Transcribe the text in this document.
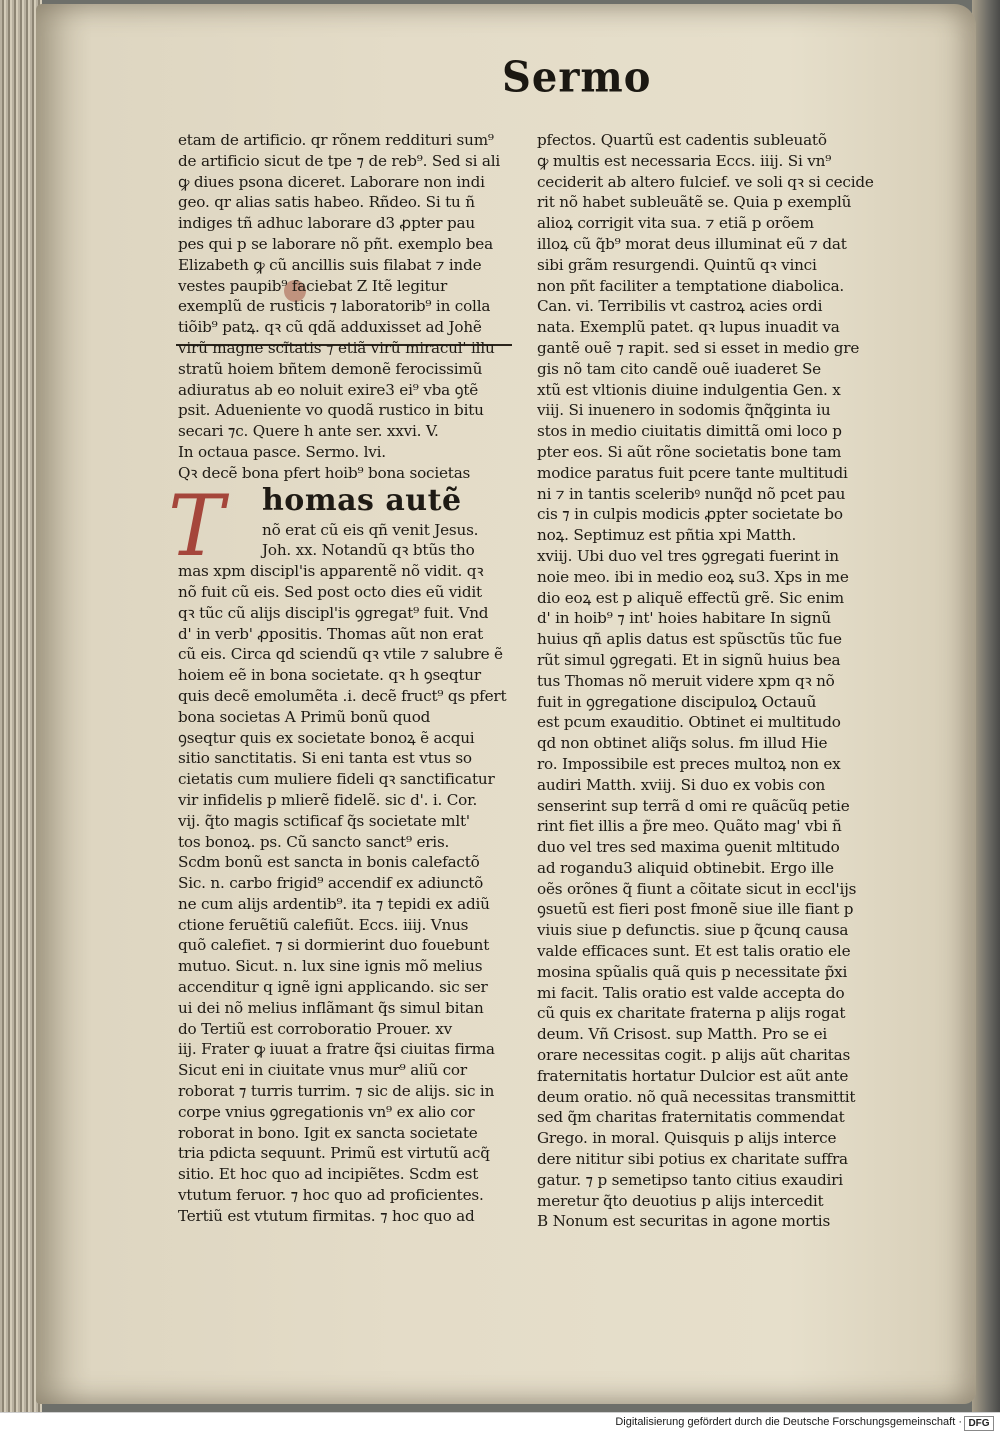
Sermo
etam de artificio. qr rõnem reddituri sum⁹
de artificio sicut de tpe ⁊ de reb⁹. Sed si ali
ꝙ diues psona diceret. Laborare non indi
geo. qr alias satis habeo. Rñdeo. Si tu ñ
indiges tñ adhuc laborare d3 ꝓpter pau
pes qui p se laborare nõ pñt. exemplo bea
Elizabeth ꝙ cũ ancillis suis filabat ⁊ inde
vestes paupib⁹ faciebat Z Itẽ legitur
exemplũ de rusticis ⁊ laboratorib⁹ in colla
tiõib⁹ patꝝ. qꝛ cũ qdã adduxisset ad Johẽ
virũ magne scĩtatis ⁊ etiã virũ miracul' illu
stratũ hoiem bñtem demonẽ ferocissimũ
adiuratus ab eo noluit exire3 ei⁹ vba ꝯtẽ
psit. Adueniente vo quodã rustico in bitu
secari ⁊c. Quere h ante ser. xxvi. V.
In octaua pasce. Sermo. lvi.
Qꝛ decẽ bona pfert hoib⁹ bona societas
T	homas autẽ
nõ erat cũ eis qñ venit Jesus.
Joh. xx. Notandũ qꝛ btũs tho
mas xpm discipl'is apparentẽ nõ vidit. qꝛ
nõ fuit cũ eis. Sed post octo dies eũ vidit
qꝛ tũc cũ alijs discipl'is ꝯgregat⁹ fuit. Vnd
d' in verb' ꝓpositis. Thomas aũt non erat
cũ eis. Circa qd sciendũ qꝛ vtile ⁊ salubre ẽ
hoiem eẽ in bona societate. qꝛ h ꝯseqtur
quis decẽ emolumẽta .i. decẽ fruct⁹ qs pfert
bona societas A Primũ bonũ quod
ꝯseqtur quis ex societate bonoꝝ ẽ acqui
sitio sanctitatis. Si eni tanta est vtus so
cietatis cum muliere fideli qꝛ sanctificatur
vir infidelis p mlierẽ fidelẽ. sic d'. i. Cor.
vij. q̃to magis sctificaf q̃s societate mlt'
tos bonoꝝ. ps. Cũ sancto sanct⁹ eris.
Scdm bonũ est sancta in bonis calefactõ
Sic. n. carbo frigid⁹ accendif ex adiunctõ
ne cum alijs ardentib⁹. ita ⁊ tepidi ex adiũ
ctione feruẽtiũ calefiũt. Eccs. iiij. Vnus
quõ calefiet. ⁊ si dormierint duo fouebunt
mutuo. Sicut. n. lux sine ignis mõ melius
accenditur q ignẽ igni applicando. sic ser
ui dei nõ melius inflãmant q̃s simul bitan
do Tertiũ est corroboratio Prouer. xv
iij. Frater ꝙ iuuat a fratre q̃si ciuitas firma
Sicut eni in ciuitate vnus mur⁹ aliũ cor
roborat ⁊ turris turrim. ⁊ sic de alijs. sic in
corpe vnius ꝯgregationis vn⁹ ex alio cor
roborat in bono. Igit ex sancta societate
tria pdicta sequunt. Primũ est virtutũ acq̃
sitio. Et hoc quo ad incipiẽtes. Scdm est
vtutum feruor. ⁊ hoc quo ad proficientes.
Tertiũ est vtutum firmitas. ⁊ hoc quo ad
pfectos. Quartũ est cadentis subleuatõ
ꝙ multis est necessaria Eccs. iiij. Si vn⁹
ceciderit ab altero fulcief. ve soli qꝛ si cecide
rit nõ habet subleuãtẽ se. Quia p exemplũ
alioꝝ corrigit vita sua. ⁊ etiã p orõem
illoꝝ cũ q̃b⁹ morat deus illuminat eũ ⁊ dat
sibi grãm resurgendi. Quintũ qꝛ vinci
non pñt faciliter a temptatione diabolica.
Can. vi. Terribilis vt castroꝝ acies ordi
nata. Exemplũ patet. qꝛ lupus inuadit va
gantẽ ouẽ ⁊ rapit. sed si esset in medio gre
gis nõ tam cito candẽ ouẽ iuaderet Se
xtũ est vltionis diuine indulgentia Gen. x
viij. Si inuenero in sodomis q̃nq̃ginta iu
stos in medio ciuitatis dimittã omi loco p
pter eos. Si aũt rõne societatis bone tam
modice paratus fuit pcere tante multitudi
ni ⁊ in tantis sceleribꝰ nunq̃d nõ pcet pau
cis ⁊ in culpis modicis ꝓpter societate bo
noꝝ. Septimuz est pñtia xpi Matth.
xviij. Ubi duo vel tres ꝯgregati fuerint in
noie meo. ibi in medio eoꝝ su3. Xps in me
dio eoꝝ est p aliquẽ effectũ grẽ. Sic enim
d' in hoib⁹ ⁊ int' hoies habitare In signũ
huius qñ aplis datus est spũsctũs tũc fue
rũt simul ꝯgregati. Et in signũ huius bea
tus Thomas nõ meruit videre xpm qꝛ nõ
fuit in ꝯgregatione discipuloꝝ Octauũ
est pcum exauditio. Obtinet ei multitudo
qd non obtinet aliq̃s solus. fm illud Hie
ro. Impossibile est preces multoꝝ non ex
audiri Matth. xviij. Si duo ex vobis con
senserint sup terrã d omi re quãcũq petie
rint fiet illis a p̃re meo. Quãto mag' vbi ñ
duo vel tres sed maxima ꝯuenit mltitudo
ad rogandu3 aliquid obtinebit. Ergo ille
oẽs orõnes q̃ fiunt a cõitate sicut in eccl'ijs
ꝯsuetũ est fieri post fmonẽ siue ille fiant p
viuis siue p defunctis. siue p q̃cunq causa
valde efficaces sunt. Et est talis oratio ele
mosina spũalis quã quis p necessitate p̃xi
mi facit. Talis oratio est valde accepta do
cũ quis ex charitate fraterna p alijs rogat
deum. Vñ Crisost. sup Matth. Pro se ei
orare necessitas cogit. p alijs aũt charitas
fraternitatis hortatur Dulcior est aũt ante
deum oratio. nõ quã necessitas transmittit
sed q̃m charitas fraternitatis commendat
Grego. in moral. Quisquis p alijs interce
dere nititur sibi potius ex charitate suffra
gatur. ⁊ p semetipso tanto citius exaudiri
meretur q̃to deuotius p alijs intercedit
B Nonum est securitas in agone mortis
Digitalisierung gefördert durch die Deutsche Forschungsgemeinschaft · DFG
